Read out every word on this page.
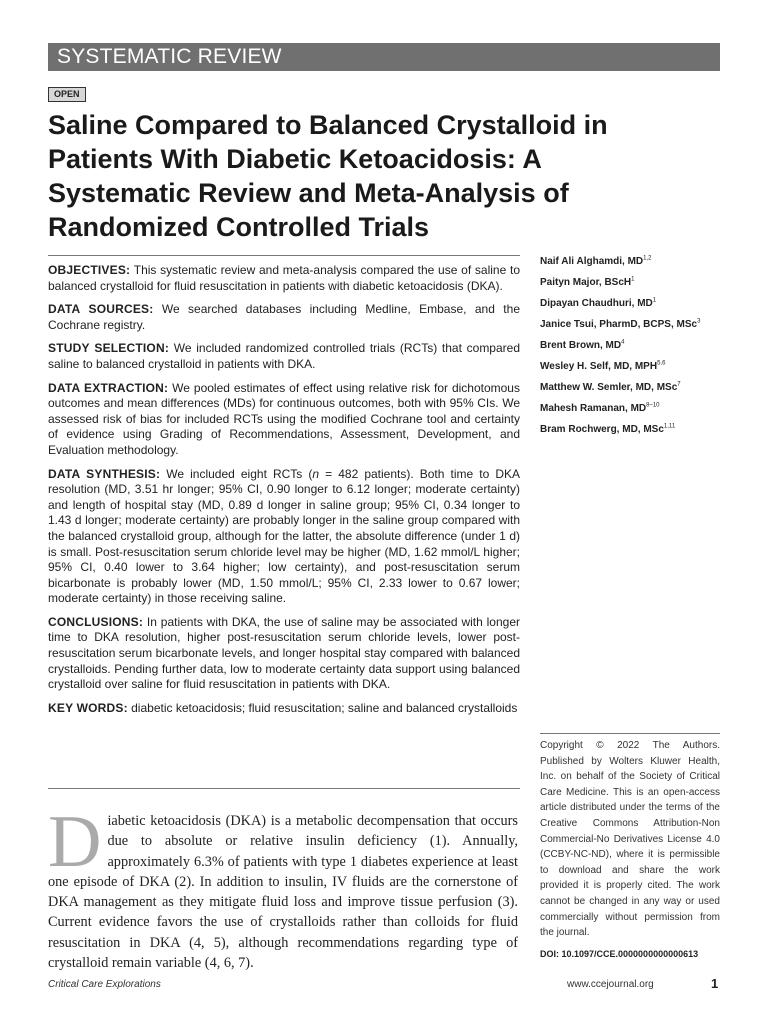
SYSTEMATIC REVIEW
OPEN
Saline Compared to Balanced Crystalloid in Patients With Diabetic Ketoacidosis: A Systematic Review and Meta-Analysis of Randomized Controlled Trials

OBJECTIVES: This systematic review and meta-analysis compared the use of saline to balanced crystalloid for fluid resuscitation in patients with diabetic ketoacidosis (DKA).

DATA SOURCES: We searched databases including Medline, Embase, and the Cochrane registry.

STUDY SELECTION: We included randomized controlled trials (RCTs) that compared saline to balanced crystalloid in patients with DKA.

DATA EXTRACTION: We pooled estimates of effect using relative risk for dichotomous outcomes and mean differences (MDs) for continuous outcomes, both with 95% CIs. We assessed risk of bias for included RCTs using the modified Cochrane tool and certainty of evidence using Grading of Recommendations, Assessment, Development, and Evaluation methodology.

DATA SYNTHESIS: We included eight RCTs (n = 482 patients). Both time to DKA resolution (MD, 3.51 hr longer; 95% CI, 0.90 longer to 6.12 longer; moderate certainty) and length of hospital stay (MD, 0.89 d longer in saline group; 95% CI, 0.34 longer to 1.43 d longer; moderate certainty) are probably longer in the saline group compared with the balanced crystalloid group, although for the latter, the absolute difference (under 1 d) is small. Post-resuscitation serum chloride level may be higher (MD, 1.62 mmol/L higher; 95% CI, 0.40 lower to 3.64 higher; low certainty), and post-resuscitation serum bicarbonate is probably lower (MD, 1.50 mmol/L; 95% CI, 2.33 lower to 0.67 lower; moderate certainty) in those receiving saline.

CONCLUSIONS: In patients with DKA, the use of saline may be associated with longer time to DKA resolution, higher post-resuscitation serum chloride levels, lower post-resuscitation serum bicarbonate levels, and longer hospital stay compared with balanced crystalloids. Pending further data, low to moderate certainty data support using balanced crystalloid over saline for fluid resuscitation in patients with DKA.

KEY WORDS: diabetic ketoacidosis; fluid resuscitation; saline and balanced crystalloids

Naif Ali Alghamdi, MD$^{1,2}$
Paityn Major, BScH$^1$
Dipayan Chaudhuri, $MD^1$
Janice Tsui, PharmD, BCPS, MSc$^3$
Brent Brown, $MD^4$
Wesley H. Self, MD, MPH$^{5,6}$
Matthew W. Semler, MD, MSc$^7$
Mahesh Ramanan, MD$^{8-10}$
Bram Rochwerg, MD, MSc$^{1,11}$
Copyright © 2022 The Authors. Published by Wolters Kluwer Health, Inc. on behalf of the Society of Critical Care Medicine. This is an open-access article distributed under the terms of the Creative Commons Attribution-Non Commercial-No Derivatives License 4.0 (CCBY-NC-ND), where it is permissible to download and share the work provided it is properly cited. The work cannot be changed in any way or used commercially without permission from the journal.
DOI: 10.1097/CCE.0000000000000613

Diabetic ketoacidosis (DKA) is a metabolic decompensation that occurs due to absolute or relative insulin deficiency (1). Annually, approximately 6.3% of patients with type 1 diabetes experience at least one episode of DKA (2). In addition to insulin, IV fluids are the cornerstone of DKA management as they mitigate fluid loss and improve tissue perfusion (3). Current evidence favors the use of crystalloids rather than colloids for fluid resuscitation in DKA (4, 5), although recommendations regarding type of crystalloid remain variable (4, 6, 7).

Critical Care Explorations	www.ccejournal.org	1
